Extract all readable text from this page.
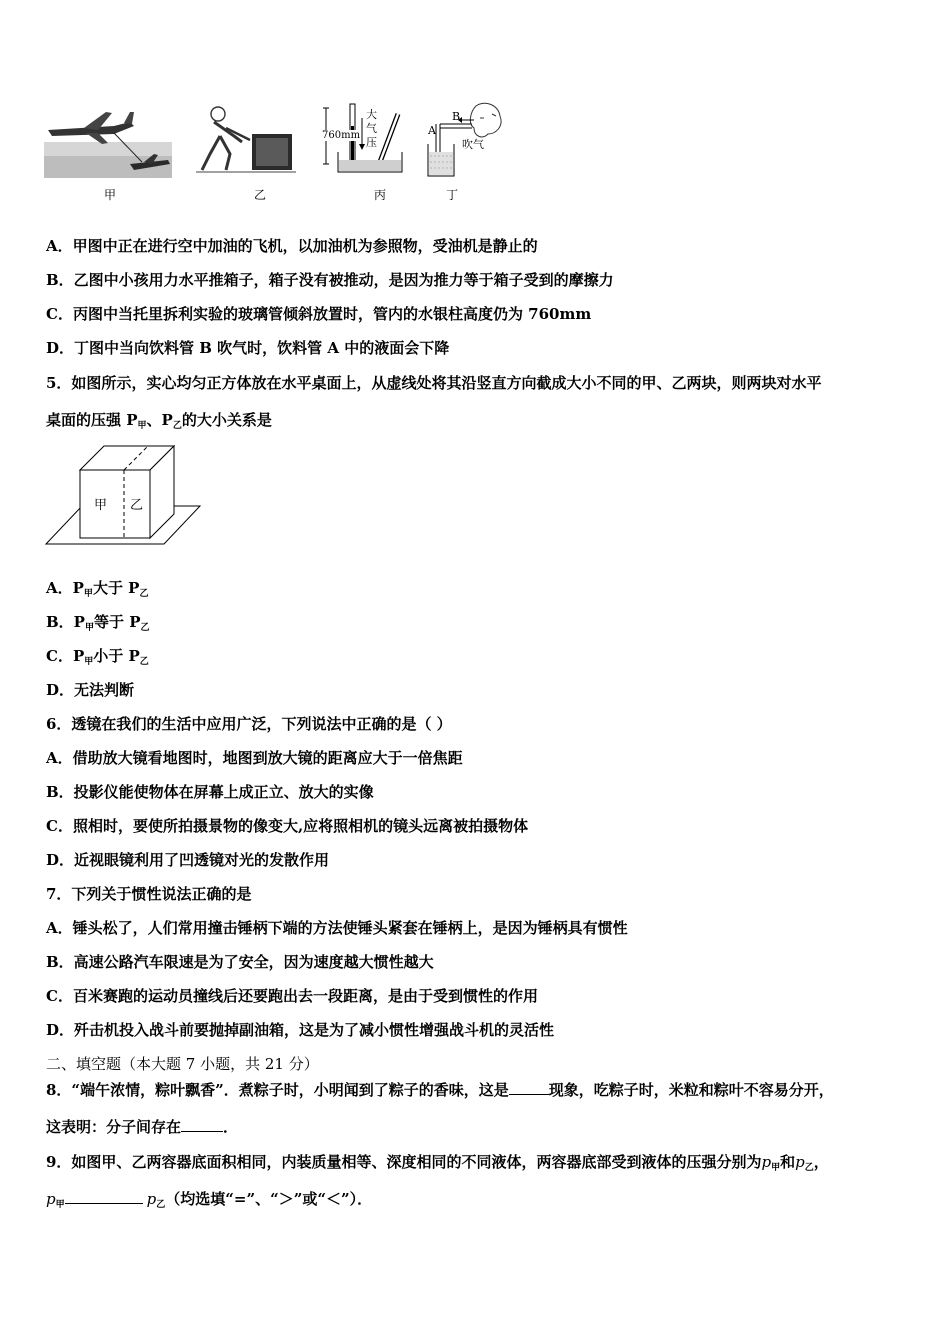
甲	乙
760mm
大
气
压
丙
A
B
吹气
丁
A．甲图中正在进行空中加油的飞机，以加油机为参照物，受油机是静止的
B．乙图中小孩用力水平推箱子，箱子没有被推动，是因为推力等于箱子受到的摩擦力
C．丙图中当托里拆利实验的玻璃管倾斜放置时，管内的水银柱高度仍为 760mm
D．丁图中当向饮料管 B 吹气时，饮料管 A 中的液面会下降
5．如图所示，实心均匀正方体放在水平桌面上，从虚线处将其沿竖直方向截成大小不同的甲、乙两块，则两块对水平
桌面的压强 $P_甲$、$P_乙$的大小关系是
甲 乙
A．$P_甲$大于 $P_乙$
B．$P_甲$等于 $P_乙$
C．$P_甲$小于 $P_乙$
D．无法判断
6．透镜在我们的生活中应用广泛，下列说法中正确的是（ ）
A．借助放大镜看地图时，地图到放大镜的距离应大于一倍焦距
B．投影仪能使物体在屏幕上成正立、放大的实像
C．照相时，要使所拍摄景物的像变大,应将照相机的镜头远离被拍摄物体
D．近视眼镜利用了凹透镜对光的发散作用
7．下列关于惯性说法正确的是
A．锤头松了，人们常用撞击锤柄下端的方法使锤头紧套在锤柄上，是因为锤柄具有惯性
B．高速公路汽车限速是为了安全，因为速度越大惯性越大
C．百米赛跑的运动员撞线后还要跑出去一段距离，是由于受到惯性的作用
D．歼击机投入战斗前要抛掉副油箱，这是为了减小惯性增强战斗机的灵活性
二、填空题（本大题 7 小题，共 21 分）
8．“端午浓情，粽叶飘香”．煮粽子时，小明闻到了粽子的香味，这是	现象，吃粽子时，米粒和粽叶不容易分开，
这表明：分子间存在	．
9．如图甲、乙两容器底面积相同，内装质量相等、深度相同的不同液体，两容器底部受到液体的压强分别为$p_甲$和$p_乙$，
$p_甲$	$p_乙$（均选填“=”、“＞”或“＜”）．
